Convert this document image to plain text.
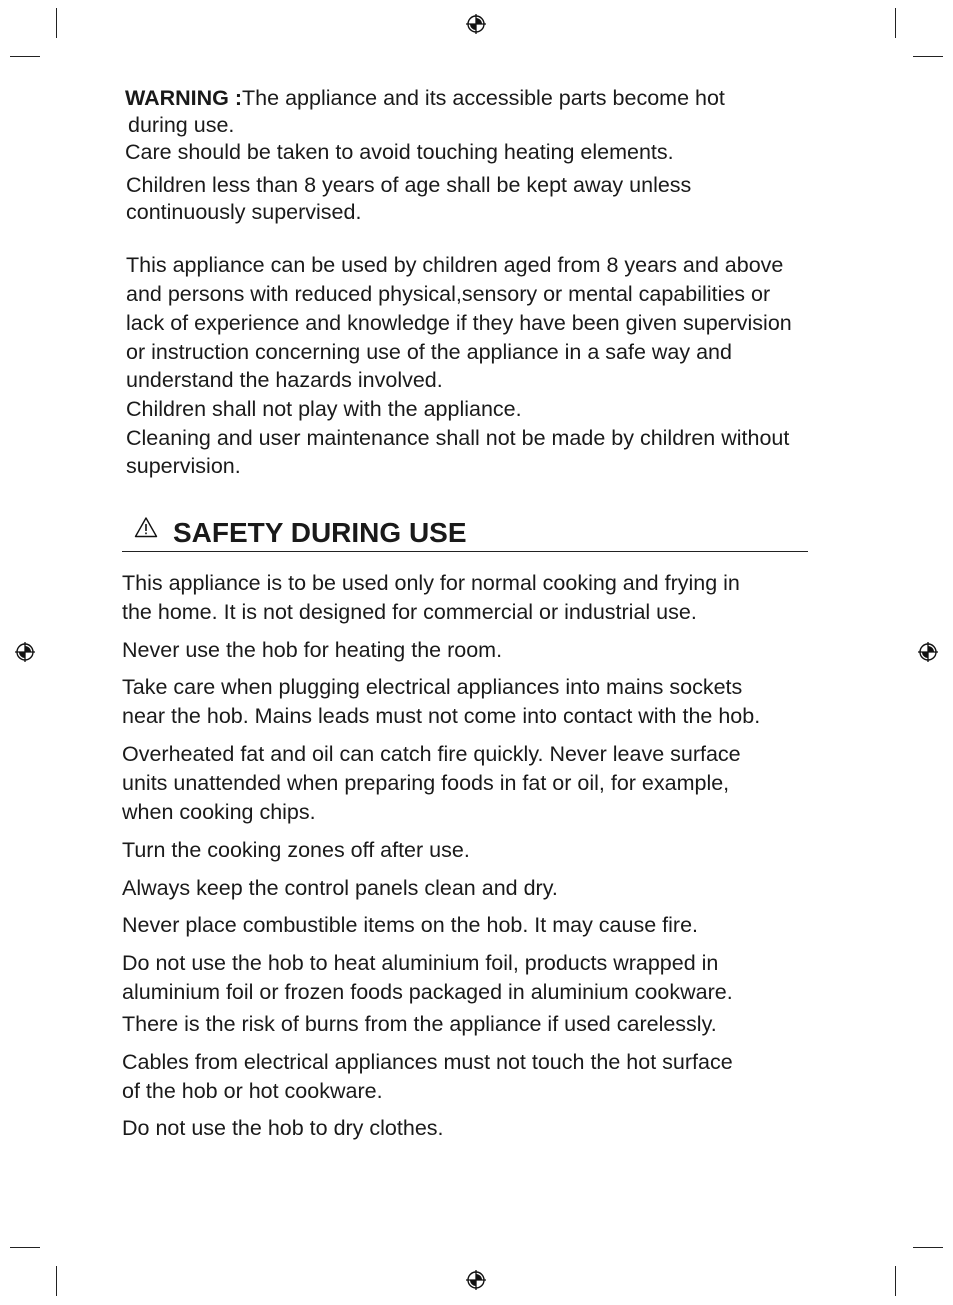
WARNING :The appliance and its accessible parts become hot

during use.

Care should be taken to avoid touching heating elements.

Children less than 8 years of age shall be kept away unless

continuously supervised.

This appliance can be used by children aged from 8 years and above

and persons with reduced physical,sensory or mental capabilities or

lack of experience and knowledge if they have been given supervision

or instruction concerning use of the appliance in a safe way and

understand the hazards involved.

Children shall not play with the appliance.

Cleaning and user maintenance shall not be made by children without

supervision.

SAFETY DURING USE

This appliance is to be used only for normal cooking and frying in

the home. It is not designed for commercial or industrial use.

Never use the hob for heating the room.

Take care when plugging electrical appliances into mains sockets

near the hob. Mains leads must not come into contact with the hob.

Overheated fat and oil can catch fire quickly. Never leave surface

units unattended when preparing foods in fat or oil, for example,

when cooking chips.

Turn the cooking zones off after use.

Always keep the control panels clean and dry.

Never place combustible items on the hob. It may cause fire.

Do not use the hob to heat aluminium foil, products wrapped in

aluminium foil or frozen foods packaged in aluminium cookware.

There is the risk of burns from the appliance if used carelessly.

Cables from electrical appliances must not touch the hot surface

of the hob or hot cookware.

Do not use the hob to dry clothes.
